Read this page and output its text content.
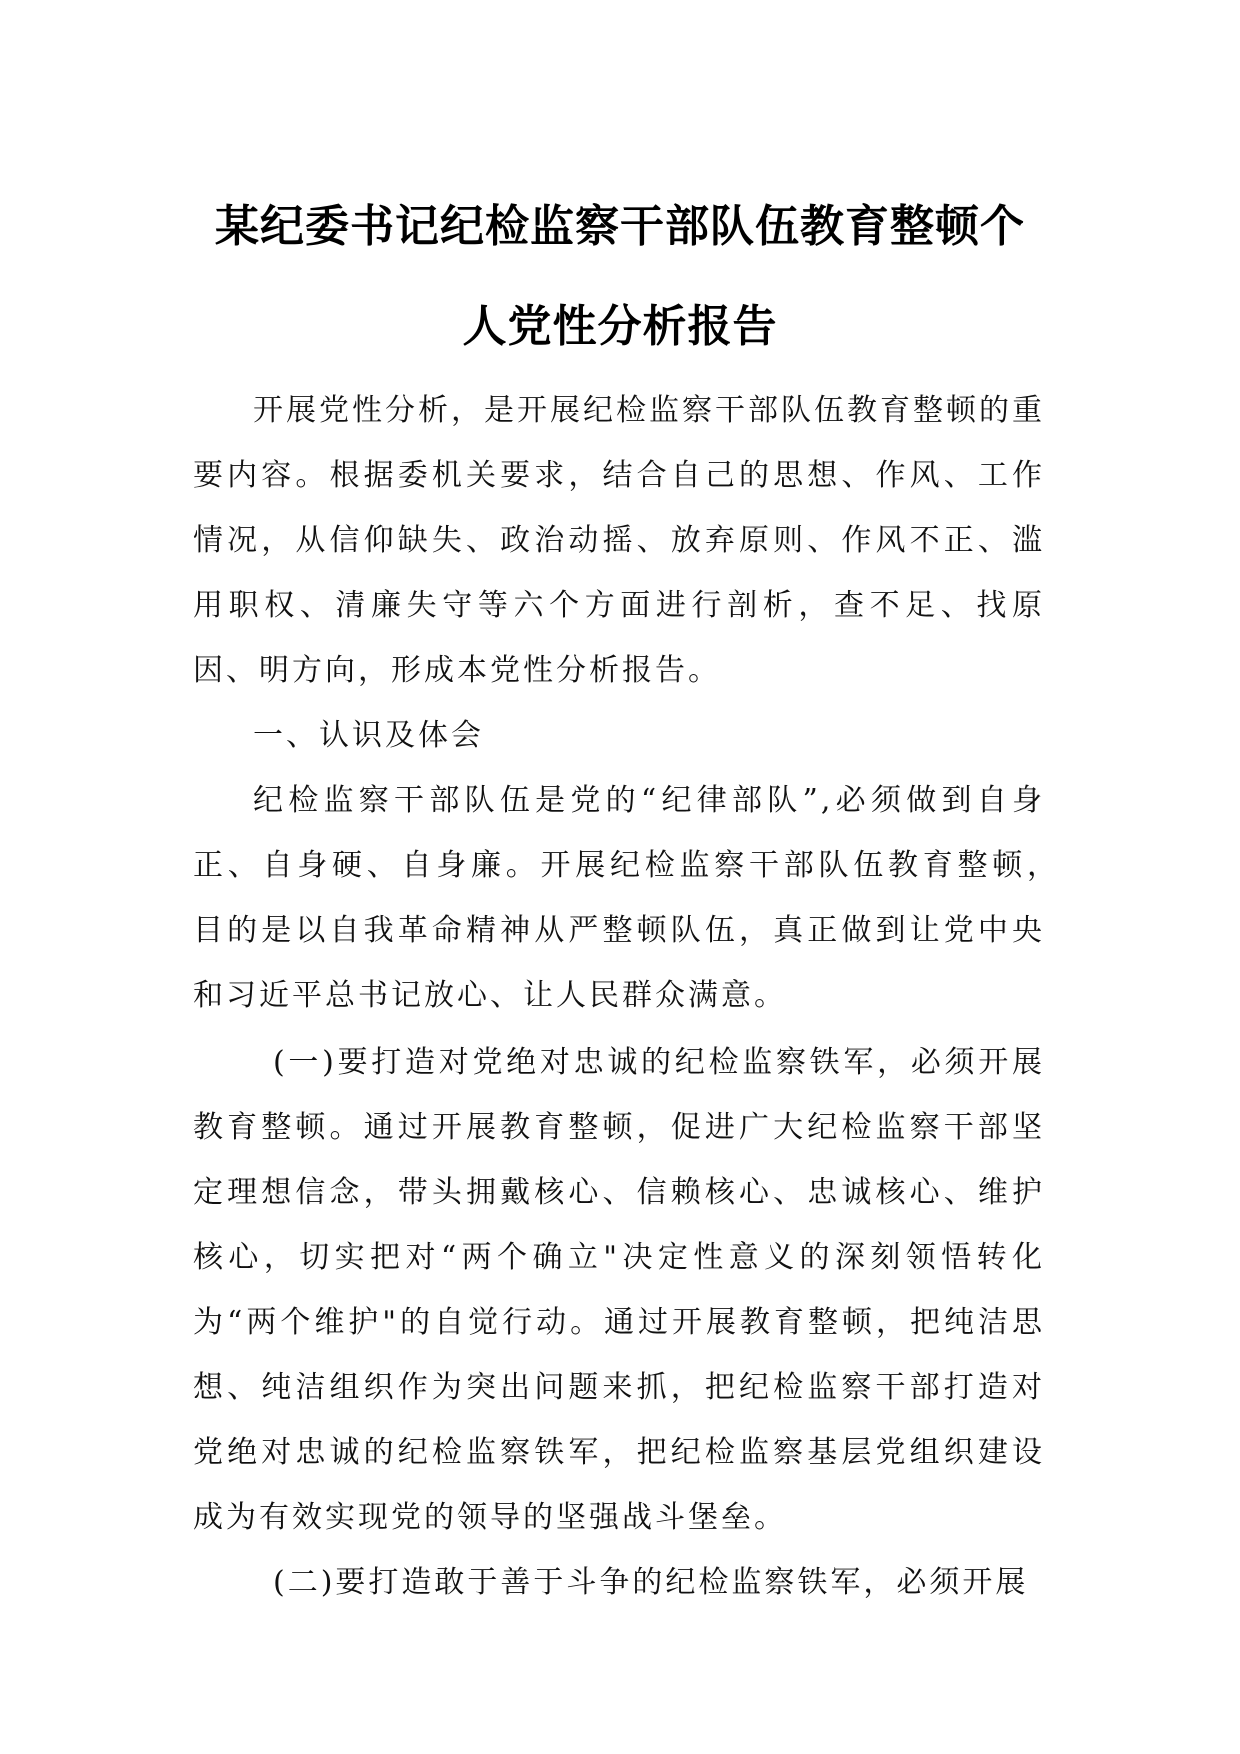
某纪委书记纪检监察干部队伍教育整顿个
人党性分析报告

开展党性分析，是开展纪检监察干部队伍教育整顿的重要内容。根据委机关要求，结合自己的思想、作风、工作情况，从信仰缺失、政治动摇、放弃原则、作风不正、滥用职权、清廉失守等六个方面进行剖析，查不足、找原因、明方向，形成本党性分析报告。

一、认识及体会

纪检监察干部队伍是党的“纪律部队”,必须做到自身正、自身硬、自身廉。开展纪检监察干部队伍教育整顿，　目的是以自我革命精神从严整顿队伍，真正做到让党中央和习近平总书记放心、让人民群众满意。

(一)要打造对党绝对忠诚的纪检监察铁军，必须开展教育整顿。通过开展教育整顿，促进广大纪检监察干部坚定理想信念，带头拥戴核心、信赖核心、忠诚核心、维护核心，切实把对“两个确立"决定性意义的深刻领悟转化为“两个维护"的自觉行动。通过开展教育整顿，把纯洁思想、纯洁组织作为突出问题来抓，把纪检监察干部打造对党绝对忠诚的纪检监察铁军，把纪检监察基层党组织建设成为有效实现党的领导的坚强战斗堡垒。

(二)要打造敢于善于斗争的纪检监察铁军，必须开展
